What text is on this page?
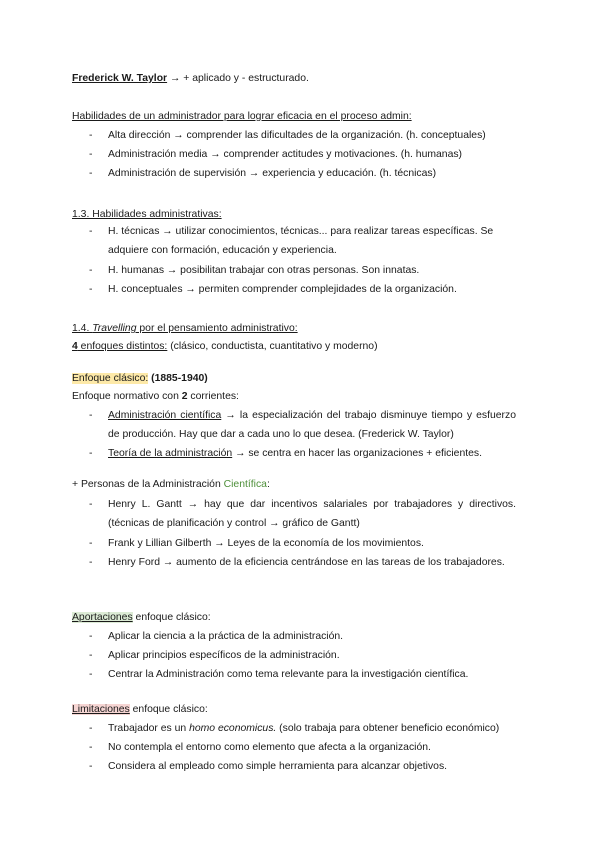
Frederick W. Taylor → + aplicado y - estructurado.
Habilidades de un administrador para lograr eficacia en el proceso admin:
- Alta dirección → comprender las dificultades de la organización. (h. conceptuales)
- Administración media → comprender actitudes y motivaciones. (h. humanas)
- Administración de supervisión → experiencia y educación. (h. técnicas)
1.3. Habilidades administrativas:
- H. técnicas → utilizar conocimientos, técnicas... para realizar tareas específicas. Se adquiere con formación, educación y experiencia.
- H. humanas → posibilitan trabajar con otras personas. Son innatas.
- H. conceptuales → permiten comprender complejidades de la organización.
1.4. Travelling por el pensamiento administrativo:
4 enfoques distintos: (clásico, conductista, cuantitativo y moderno)
Enfoque clásico: (1885-1940)
Enfoque normativo con 2 corrientes:
- Administración científica → la especialización del trabajo disminuye tiempo y esfuerzo de producción. Hay que dar a cada uno lo que desea. (Frederick W. Taylor)
- Teoría de la administración → se centra en hacer las organizaciones + eficientes.
+ Personas de la Administración Científica:
- Henry L. Gantt → hay que dar incentivos salariales por trabajadores y directivos. (técnicas de planificación y control → gráfico de Gantt)
- Frank y Lillian Gilberth → Leyes de la economía de los movimientos.
- Henry Ford → aumento de la eficiencia centrándose en las tareas de los trabajadores.
Aportaciones enfoque clásico:
- Aplicar la ciencia a la práctica de la administración.
- Aplicar principios específicos de la administración.
- Centrar la Administración como tema relevante para la investigación científica.
Limitaciones enfoque clásico:
- Trabajador es un homo economicus. (solo trabaja para obtener beneficio económico)
- No contempla el entorno como elemento que afecta a la organización.
- Considera al empleado como simple herramienta para alcanzar objetivos.
